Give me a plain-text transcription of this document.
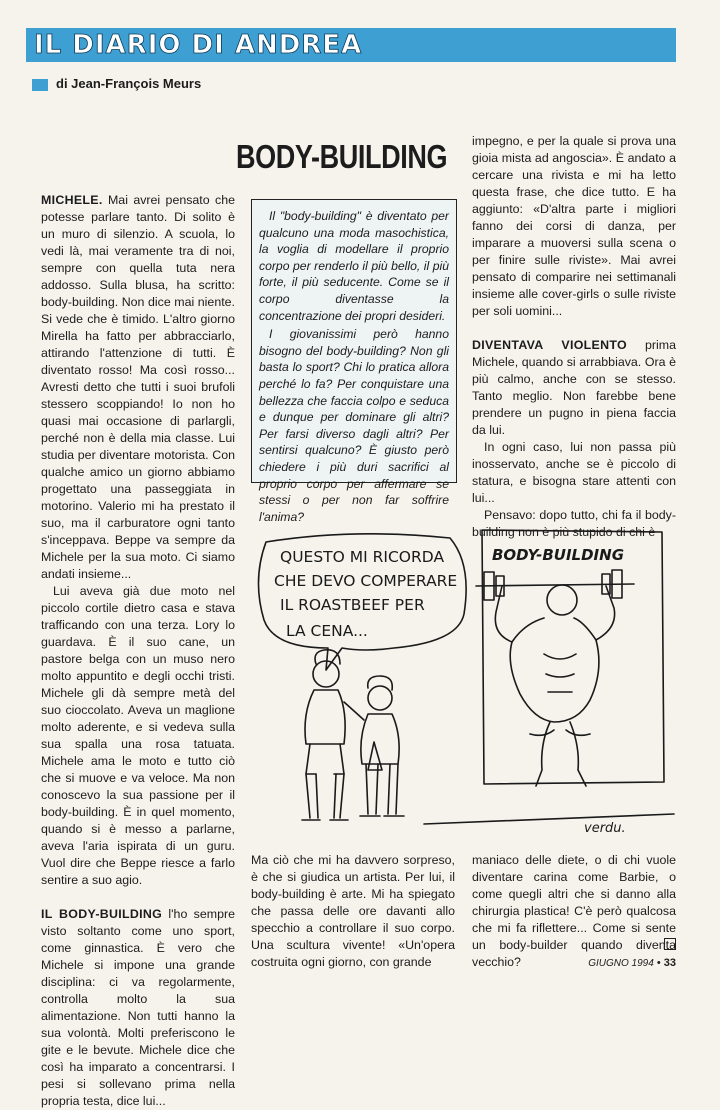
IL DIARIO DI ANDREA
di Jean-François Meurs
BODY-BUILDING

MICHELE. Mai avrei pensato che potesse parlare tanto. Di solito è un muro di silenzio. A scuola, lo vedi là, mai veramente tra di noi, sempre con quella tuta nera addosso. Sulla blusa, ha scritto: body-building. Non dice mai niente. Si vede che è timido. L'altro giorno Mirella ha fatto per abbracciarlo, attirando l'attenzione di tutti. È diventato rosso! Ma così rosso... Avresti detto che tutti i suoi brufoli stessero scoppiando! Io non ho quasi mai occasione di parlargli, perché non è della mia classe. Lui studia per diventare motorista. Con qualche amico un giorno abbiamo progettato una passeggiata in motorino. Valerio mi ha prestato il suo, ma il carburatore ogni tanto s'inceppava. Beppe va sempre da Michele per la sua moto. Ci siamo andati insieme...

Lui aveva già due moto nel piccolo cortile dietro casa e stava trafficando con una terza. Lory lo guardava. È il suo cane, un pastore belga con un muso nero molto appuntito e degli occhi tristi. Michele gli dà sempre metà del suo cioccolato. Aveva un maglione molto aderente, e si vedeva sulla sua spalla una rosa tatuata. Michele ama le moto e tutto ciò che si muove e va veloce. Ma non conoscevo la sua passione per il body-building. È in quel momento, quando si è messo a parlarne, aveva l'aria ispirata di un guru. Vuol dire che Beppe riesce a farlo sentire a suo agio.

IL BODY-BUILDING l'ho sempre visto soltanto come uno sport, come ginnastica. È vero che Michele si impone una grande disciplina: ci va regolarmente, controlla molto la sua alimentazione. Non tutti hanno la sua volontà. Molti preferiscono le gite e le bevute. Michele dice che così ha imparato a concentrarsi. I pesi si sollevano prima nella propria testa, dice lui...

Il "body-building" è diventato per qualcuno una moda masochistica, la voglia di modellare il proprio corpo per renderlo il più bello, il più forte, il più seducente. Come se il corpo diventasse la concentrazione dei propri desideri.

I giovanissimi però hanno bisogno del body-building? Non gli basta lo sport? Chi lo pratica allora perché lo fa? Per conquistare una bellezza che faccia colpo e seduca e dunque per dominare gli altri? Per farsi diverso dagli altri? Per sentirsi qualcuno? È giusto però chiedere i più duri sacrifici al proprio corpo per affermare se stessi o per non far soffrire l'anima?

impegno, e per la quale si prova una gioia mista ad angoscia». È andato a cercare una rivista e mi ha letto questa frase, che dice tutto. E ha aggiunto: «D'altra parte i migliori fanno dei corsi di danza, per imparare a muoversi sulla scena o per finire sulle riviste». Mai avrei pensato di comparire nei settimanali insieme alle cover-girls o sulle riviste per soli uomini...

DIVENTAVA VIOLENTO prima Michele, quando si arrabbiava. Ora è più calmo, anche con se stesso. Tanto meglio. Non farebbe bene prendere un pugno in piena faccia da lui.

In ogni caso, lui non passa più inosservato, anche se è piccolo di statura, e bisogna stare attenti con lui...

Pensavo: dopo tutto, chi fa il body-building non è più stupido di chi è

QUESTO MI RICORDA
CHE DEVO COMPERARE
IL ROASTBEEF PER
LA CENA...
BODY-BUILDING
verdu.

Ma ciò che mi ha davvero sorpreso, è che si giudica un artista. Per lui, il body-building è arte. Mi ha spiegato che passa delle ore davanti allo specchio a controllare il suo corpo. Una scultura vivente! «Un'opera costruita ogni giorno, con grande

maniaco delle diete, o di chi vuole diventare carina come Barbie, o come quegli altri che si danno alla chirurgia plastica! C'è però qualcosa che mi fa riflettere... Come si sente un body-builder quando diventa vecchio?	GIUGNO 1994 • 33
